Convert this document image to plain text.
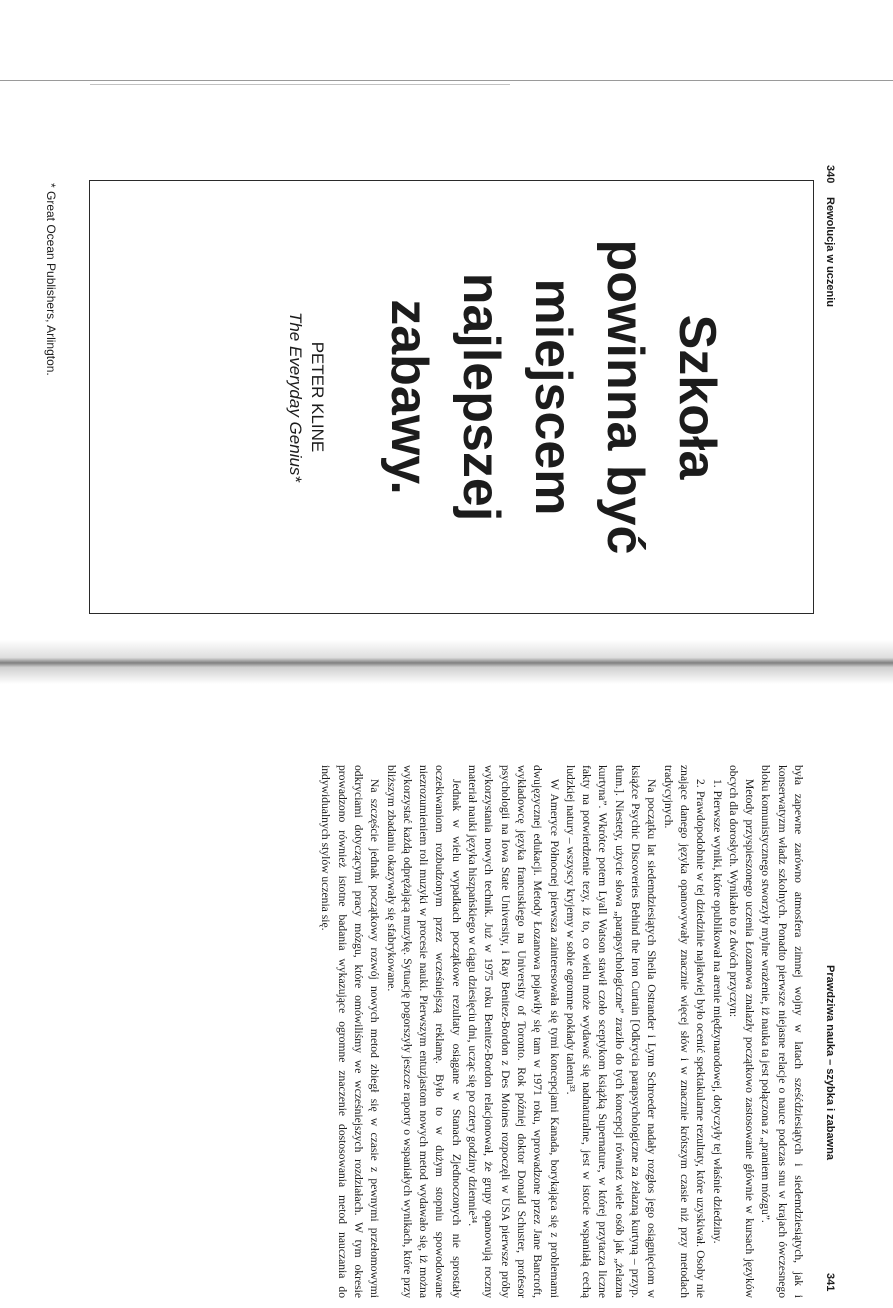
340
Rewolucja w uczeniu
Szkoła
powinna być
miejscem
najlepszej
zabawy.
PETER KLINE
The Everyday Genius*
* Great Ocean Publishers, Arlington.
Prawdziwa nauka – szybka i zabawna
341

była zapewne zarówno atmosfera zimnej wojny w latach sześćdziesiątych i siedemdziesiątych, jak i konserwatyzm władz szkolnych. Ponadto pierwsze niejasne relacje o nauce podczas snu w krajach ówczesnego bloku komunistycznego stworzyły mylne wrażenie, iż nauka ta jest połączona z „praniem mózgu”.

Metody przyspieszonego uczenia Łozanowa znalazły początkowo zastosowanie głównie w kursach języków obcych dla dorosłych. Wynikało to z dwóch przyczyn:

1. Pierwsze wyniki, które opublikował na arenie międzynarodowej, dotyczyły tej właśnie dziedziny.

2. Prawdopodobnie w tej dziedzinie najłatwiej było ocenić spektakularne rezultaty, które uzyskiwał. Osoby nie znające danego języka opanowywały znacznie więcej słów i w znacznie krótszym czasie niż przy metodach tradycyjnych.

Na początku lat siedemdziesiątych Sheila Ostrander i Lynn Schroeder nadały rozgłos jego osiągnięciom w książce Psychic Discoveries Behind the Iron Curtain [Odkrycia parapsychologiczne za żelazną kurtyną – przyp. tłum.]. Niestety, użycie słowa „parapsychologiczne” zraziło do tych koncepcji również wiele osób jak „żelazna kurtyna”. Wkrótce potem Lyall Watson stawił czoło sceptykom książką Supernature, w której przytacza liczne fakty na potwierdzenie tezy, iż to, co wielu może wydawać się nadnaturalne, jest w istocie wspaniałą cechą ludzkiej natury – wszyscy kryjemy w sobie ogromne pokłady talentu³³.

W Ameryce Północnej pierwsza zainteresowała się tymi koncepcjami Kanada, borykająca się z problemami dwujęzycznej edukacji. Metody Łozanowa pojawiły się tam w 1971 roku, wprowadzone przez Jane Bancroft, wykładowcę języka francuskiego na University of Toronto. Rok później doktor Donald Schuster, profesor psychologii na Iowa State University, i Ray Benitez-Bordon z Des Moines rozpoczęli w USA pierwsze próby wykorzystania nowych technik. Już w 1975 roku Benitez-Bordon relacjonował, że grupy opanowują roczny materiał nauki języka hiszpańskiego w ciągu dziesięciu dni, ucząc się po cztery godziny dziennie³⁴.

Jednak w wielu wypadkach początkowe rezultaty osiągane w Stanach Zjednoczonych nie sprostały oczekiwaniom rozbudzonym przez wcześniejszą reklamę. Było to w dużym stopniu spowodowane niezrozumieniem roli muzyki w procesie nauki. Pierwszym entuzjastom nowych metod wydawało się, iż można wykorzystać każdą odprężającą muzykę. Sytuację pogorszyły jeszcze raporty o wspaniałych wynikach, które przy bliższym zbadaniu okazywały się sfabrykowane.

Na szczęście jednak początkowy rozwój nowych metod zbiegł się w czasie z pewnymi przełomowymi odkryciami dotyczącymi pracy mózgu, które omówiliśmy we wcześniejszych rozdziałach. W tym okresie prowadzono również istotne badania wykazujące ogromne znaczenie dostosowania metod nauczania do indywidualnych stylów uczenia się.
